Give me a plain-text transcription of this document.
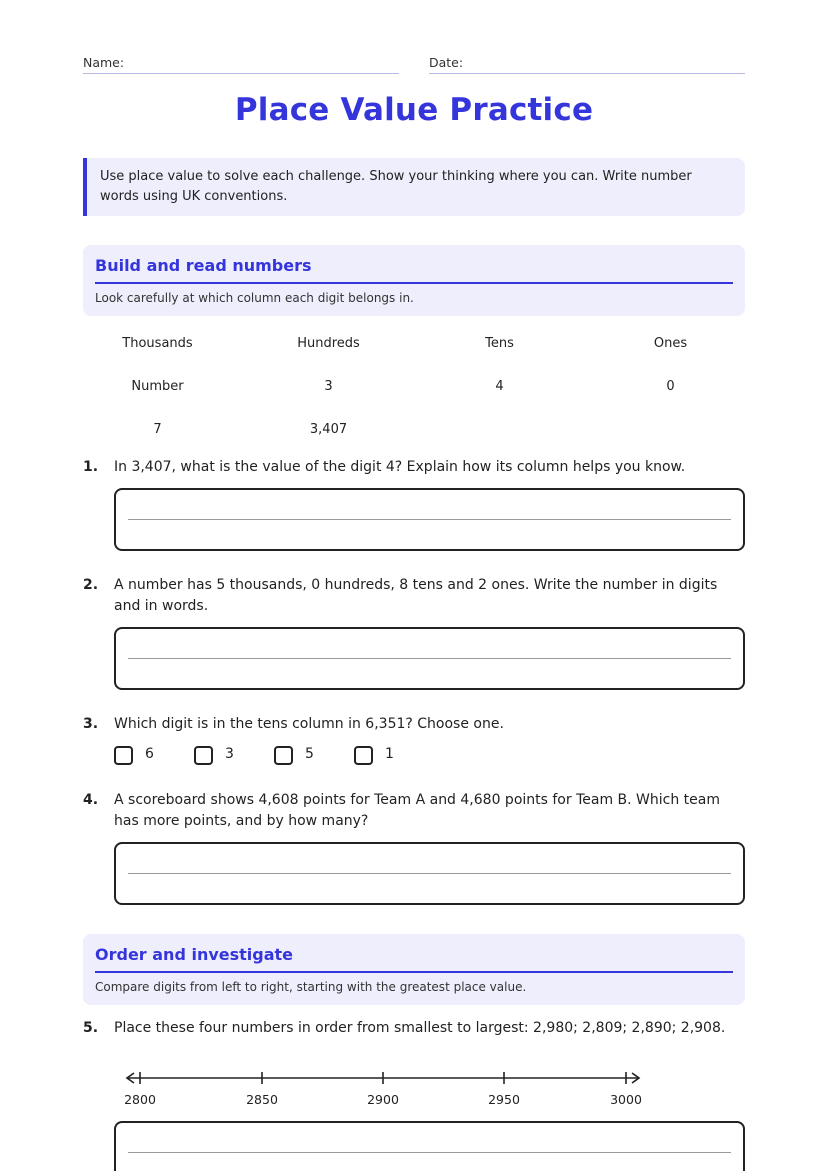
Name:	Date:
Place Value Practice
Use place value to solve each challenge. Show your thinking where you can. Write number words using UK conventions.
Build and read numbers
Look carefully at which column each digit belongs in.
Thousands	Hundreds	Tens	Ones
Number	3	4	0
7	3,407
1. In 3,407, what is the value of the digit 4? Explain how its column helps you know.
2. A number has 5 thousands, 0 hundreds, 8 tens and 2 ones. Write the number in digits and in words.
3. Which digit is in the tens column in 6,351? Choose one.
6	3	5	1
4. A scoreboard shows 4,608 points for Team A and 4,680 points for Team B. Which team has more points, and by how many?
Order and investigate
Compare digits from left to right, starting with the greatest place value.
5. Place these four numbers in order from smallest to largest: 2,980; 2,809; 2,890; 2,908.
2800	2850	2900	2950	3000
